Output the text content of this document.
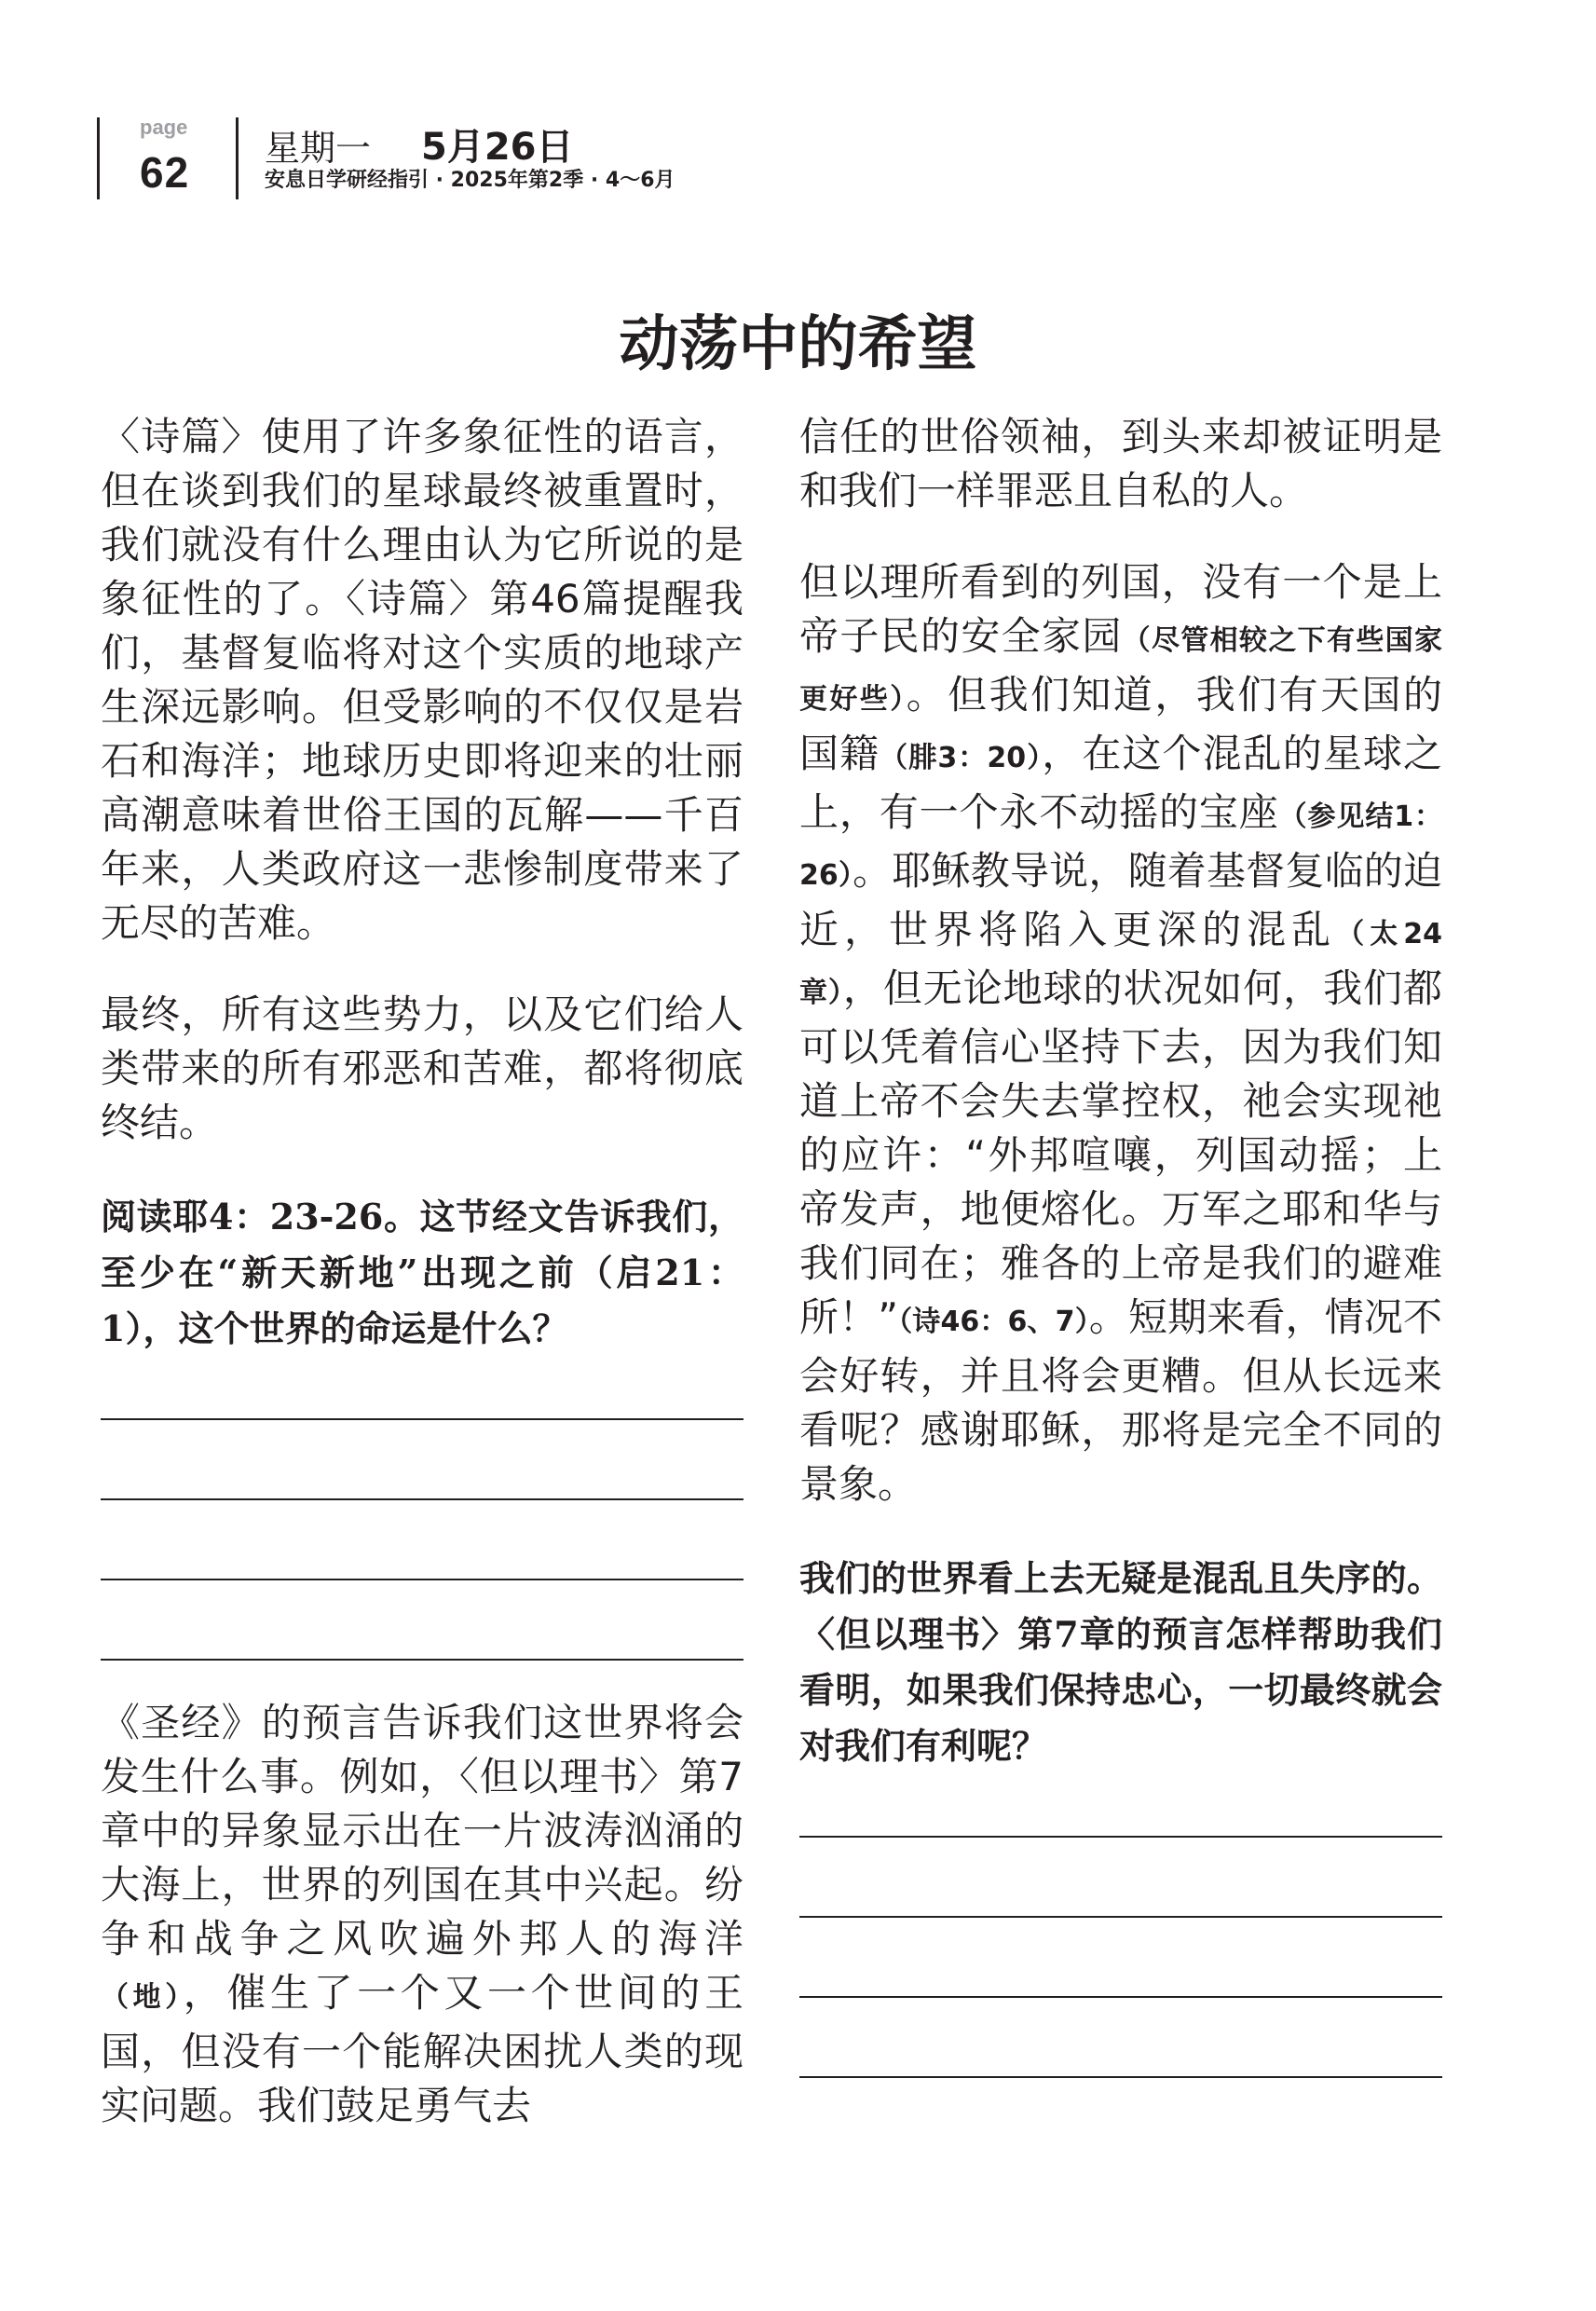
page
62 星期一 5月26日
安息日学研经指引 · 2025年第2季 · 4～6月
动荡中的希望

〈诗篇〉使用了许多象征性的语言，但在谈到我们的星球最终被重置时，我们就没有什么理由认为它所说的是象征性的了。〈诗篇〉第46篇提醒我们，基督复临将对这个实质的地球产生深远影响。但受影响的不仅仅是岩石和海洋；地球历史即将迎来的壮丽高潮意味着世俗王国的瓦解——千百年来，人类政府这一悲惨制度带来了无尽的苦难。

最终，所有这些势力，以及它们给人类带来的所有邪恶和苦难，都将彻底终结。

阅读耶4：23-26。这节经文告诉我们，至少在“新天新地”出现之前（启21：1），这个世界的命运是什么？

《圣经》的预言告诉我们这世界将会发生什么事。例如，〈但以理书〉第7章中的异象显示出在一片波涛汹涌的大海上，世界的列国在其中兴起。纷争和战争之风吹遍外邦人的海洋（地），催生了一个又一个世间的王国，但没有一个能解决困扰人类的现实问题。我们鼓足勇气去

信任的世俗领袖，到头来却被证明是和我们一样罪恶且自私的人。

但以理所看到的列国，没有一个是上帝子民的安全家园（尽管相较之下有些国家更好些）。但我们知道，我们有天国的国籍（腓3：20），在这个混乱的星球之上，有一个永不动摇的宝座（参见结1：26）。耶稣教导说，随着基督复临的迫近，世界将陷入更深的混乱（太24章），但无论地球的状况如何，我们都可以凭着信心坚持下去，因为我们知道上帝不会失去掌控权，祂会实现祂的应许：“外邦喧嚷，列国动摇；上帝发声，地便熔化。万军之耶和华与我们同在；雅各的上帝是我们的避难所！”（诗46：6、7）。短期来看，情况不会好转，并且将会更糟。但从长远来看呢？感谢耶稣，那将是完全不同的景象。

我们的世界看上去无疑是混乱且失序的。〈但以理书〉第7章的预言怎样帮助我们看明，如果我们保持忠心，一切最终就会对我们有利呢？
